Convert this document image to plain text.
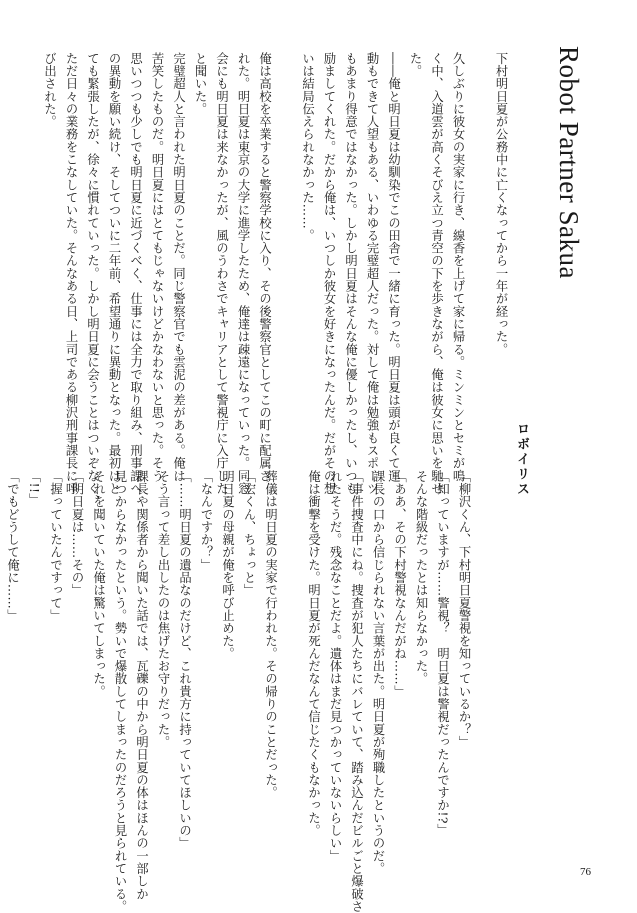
Robot Partner Sakua
ロボイリス

下村明日夏が公務中に亡くなってから一年が経った。

久しぶりに彼女の実家に行き、線香を上げて家に帰る。ミンミンとセミが鳴

く中、入道雲が高くそびえ立つ青空の下を歩きながら、俺は彼女に思いを馳せ

た。

――俺と明日夏は幼馴染でこの田舎で一緒に育った。明日夏は頭が良くて運

動もできて人望もある、いわゆる完璧超人だった。対して俺は勉強もスポーツ

もあまり得意ではなかった。しかし明日夏はそんな俺に優しかったし、いつも

励ましてくれた。だから俺は、いつしか彼女を好きになったんだ。だがその想

いは結局伝えられなかった……。

俺は高校を卒業すると警察学校に入り、その後警察官としてこの町に配属さ

れた。明日夏は東京の大学に進学したため、俺達は疎遠になっていった。同窓

会にも明日夏は来なかったが、風のうわさでキャリアとして警視庁に入庁した

と聞いた。

完璧超人と言われた明日夏のことだ。同じ警察官でも雲泥の差がある。俺は

苦笑したものだ。明日夏にはとてもじゃないけどかなわないと思った。そう

思いつつも少しでも明日夏に近づくべく、仕事には全力で取り組み、刑事課へ

の異動を願い続け、そしてついに二年前、希望通りに異動となった。最初はと

ても緊張したが、徐々に慣れていった。しかし明日夏に会うことはついぞなく、

ただ日々の業務をこなしていた。そんなある日、上司である柳沢刑事課長に呼

び出された。

「柳沢くん、下村明日夏警視を知っているか？」

「知っていますが……警視？　明日夏は警視だったんですか!?」

そんな階級だったとは知らなかった。

「ああ、その下村警視なんだがね……」

課長の口から信じられない言葉が出た。明日夏が殉職したというのだ。

「事件捜査中にね。捜査が犯人たちにバレていて、踏み込んだビルごと爆破さ

れたそうだ。残念なことだよ。遺体はまだ見つかっていないらしい」

俺は衝撃を受けた。明日夏が死んだなんて信じたくもなかった。

葬儀は明日夏の実家で行われた。その帰りのことだった。

「宏くん、ちょっと」

明日夏の母親が俺を呼び止めた。

「なんですか？」

「……明日夏の遺品なのだけど、これ貴方に持っていてほしいの」

そう言って差し出したのは焦げたお守りだった。

課長や関係者から聞いた話では、瓦礫の中から明日夏の体はほんの一部しか

見つからなかったという。勢いで爆散してしまったのだろうと見られている。

それを聞いていた俺は驚いてしまった。

「明日夏は……その」

「握っていたんですって」

「!!」

「でもどうして俺に……」

76
